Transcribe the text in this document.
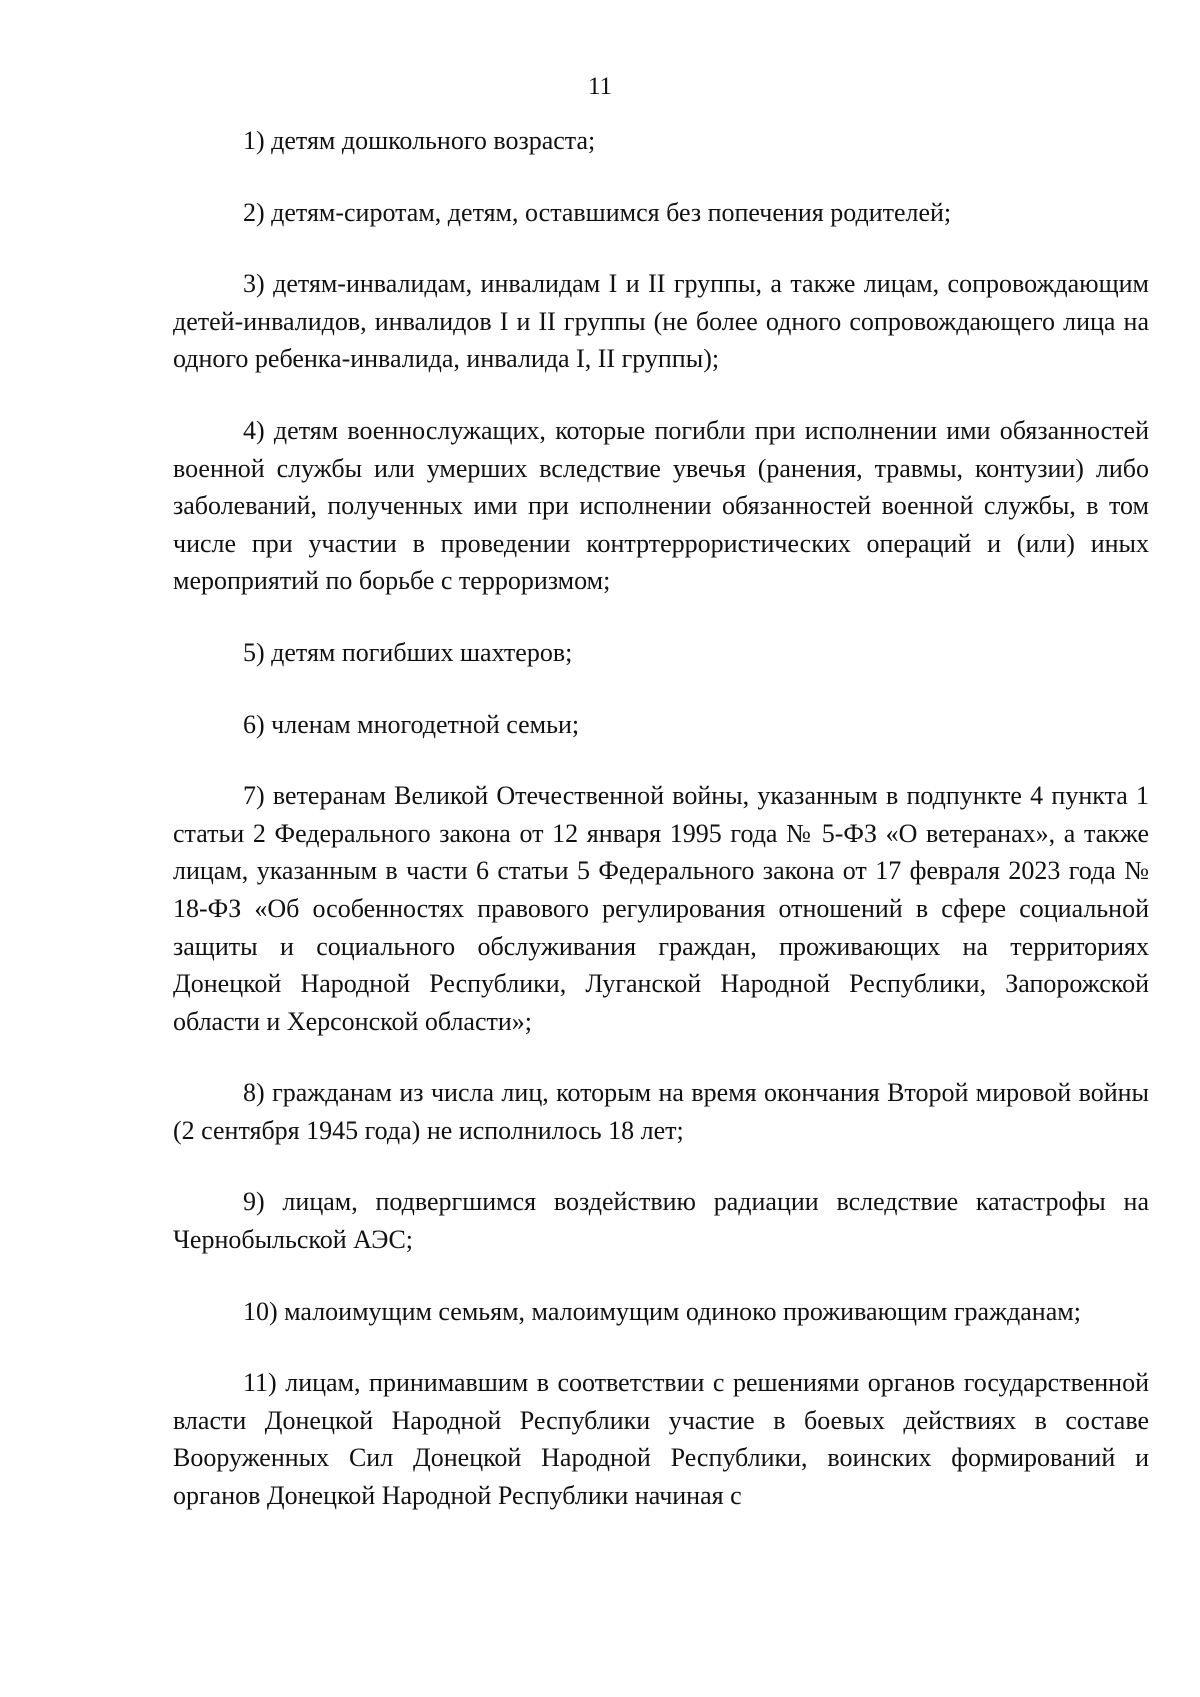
11

1) детям дошкольного возраста;

2) детям-сиротам, детям, оставшимся без попечения родителей;

3) детям-инвалидам, инвалидам I и II группы, а также лицам, сопровождающим детей-инвалидов, инвалидов I и II группы (не более одного сопровождающего лица на одного ребенка-инвалида, инвалида I, II группы);

4) детям военнослужащих, которые погибли при исполнении ими обязанностей военной службы или умерших вследствие увечья (ранения, травмы, контузии) либо заболеваний, полученных ими при исполнении обязанностей военной службы, в том числе при участии в проведении контртеррористических операций и (или) иных мероприятий по борьбе с терроризмом;

5) детям погибших шахтеров;

6) членам многодетной семьи;

7) ветеранам Великой Отечественной войны, указанным в подпункте 4 пункта 1 статьи 2 Федерального закона от 12 января 1995 года № 5-ФЗ «О ветеранах», а также лицам, указанным в части 6 статьи 5 Федерального закона от 17 февраля 2023 года № 18-ФЗ «Об особенностях правового регулирования отношений в сфере социальной защиты и социального обслуживания граждан, проживающих на территориях Донецкой Народной Республики, Луганской Народной Республики, Запорожской области и Херсонской области»;

8) гражданам из числа лиц, которым на время окончания Второй мировой войны (2 сентября 1945 года) не исполнилось 18 лет;

9) лицам, подвергшимся воздействию радиации вследствие катастрофы на Чернобыльской АЭС;

10) малоимущим семьям, малоимущим одиноко проживающим гражданам;

11) лицам, принимавшим в соответствии с решениями органов государственной власти Донецкой Народной Республики участие в боевых действиях в составе Вооруженных Сил Донецкой Народной Республики, воинских формирований и органов Донецкой Народной Республики начиная с
